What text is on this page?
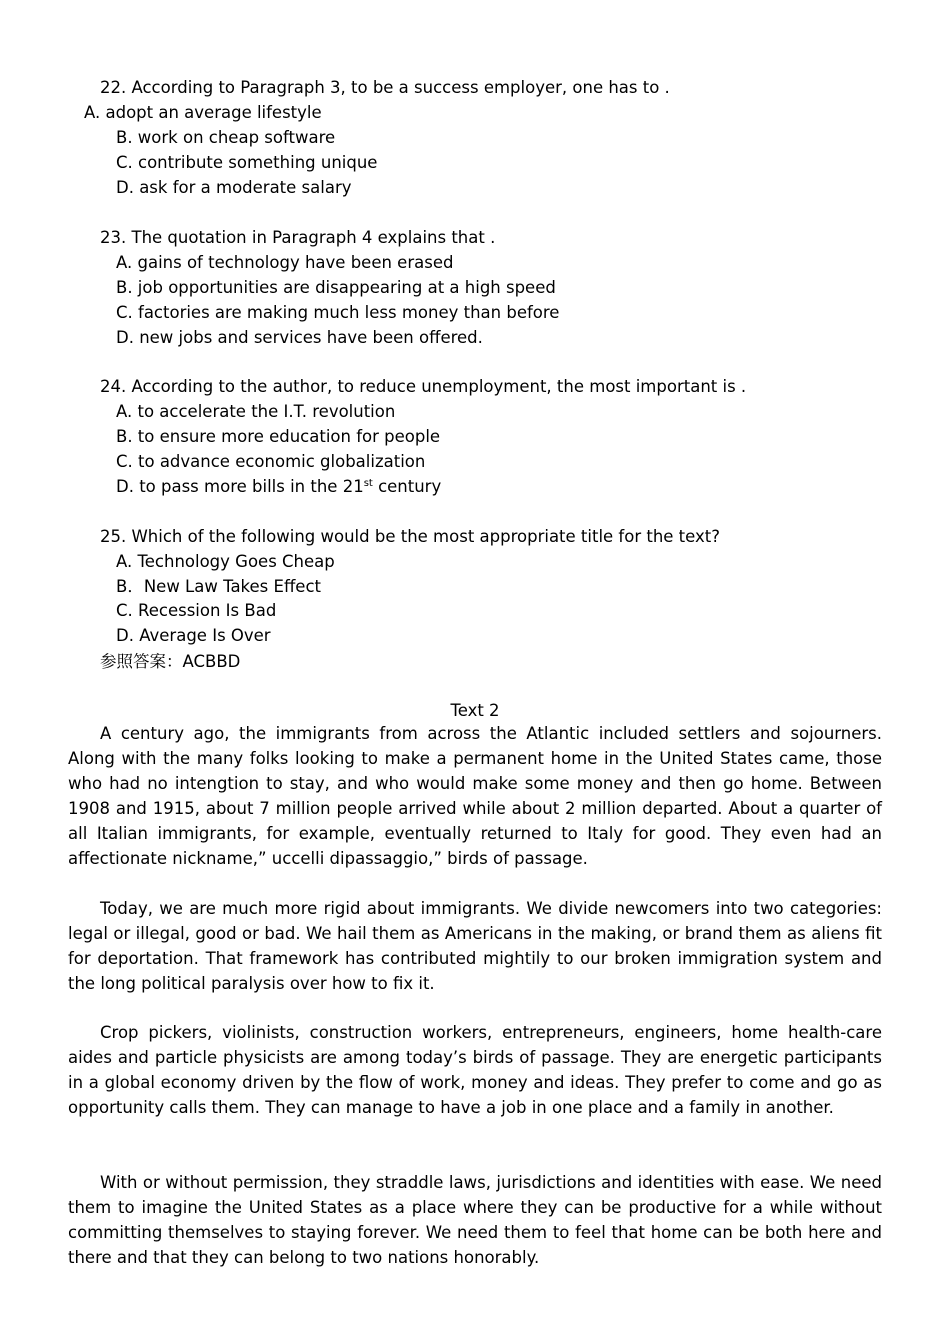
22. According to Paragraph 3, to be a success employer, one has to .
A. adopt an average lifestyle
B. work on cheap software
C. contribute something unique
D. ask for a moderate salary
23. The quotation in Paragraph 4 explains that .
A. gains of technology have been erased
B. job opportunities are disappearing at a high speed
C. factories are making much less money than before
D. new jobs and services have been offered.
24. According to the author, to reduce unemployment, the most important is .
A. to accelerate the I.T. revolution
B. to ensure more education for people
C. to advance economic globalization
D. to pass more bills in the 21st century
25. Which of the following would be the most appropriate title for the text?
A. Technology Goes Cheap
B．New Law Takes Effect
C. Recession Is Bad
D. Average Is Over
参照答案：ACBBD
Text 2
A century ago, the immigrants from across the Atlantic included settlers and sojourners. Along with the many folks looking to make a permanent home in the United States came, those who had no intengtion to stay, and who would make some money and then go home. Between 1908 and 1915, about 7 million people arrived while about 2 million departed. About a quarter of all Italian immigrants, for example, eventually returned to Italy for good. They even had an affectionate nickname,” uccelli dipassaggio,” birds of passage.
Today, we are much more rigid about immigrants. We divide newcomers into two categories: legal or illegal, good or bad. We hail them as Americans in the making, or brand them as aliens fit for deportation. That framework has contributed mightily to our broken immigration system and the long political paralysis over how to fix it.
Crop pickers, violinists, construction workers, entrepreneurs, engineers, home health-care aides and particle physicists are among today’s birds of passage. They are energetic participants in a global economy driven by the flow of work, money and ideas. They prefer to come and go as opportunity calls them. They can manage to have a job in one place and a family in another.
With or without permission, they straddle laws, jurisdictions and identities with ease. We need them to imagine the United States as a place where they can be productive for a while without committing themselves to staying forever. We need them to feel that home can be both here and there and that they can belong to two nations honorably.
